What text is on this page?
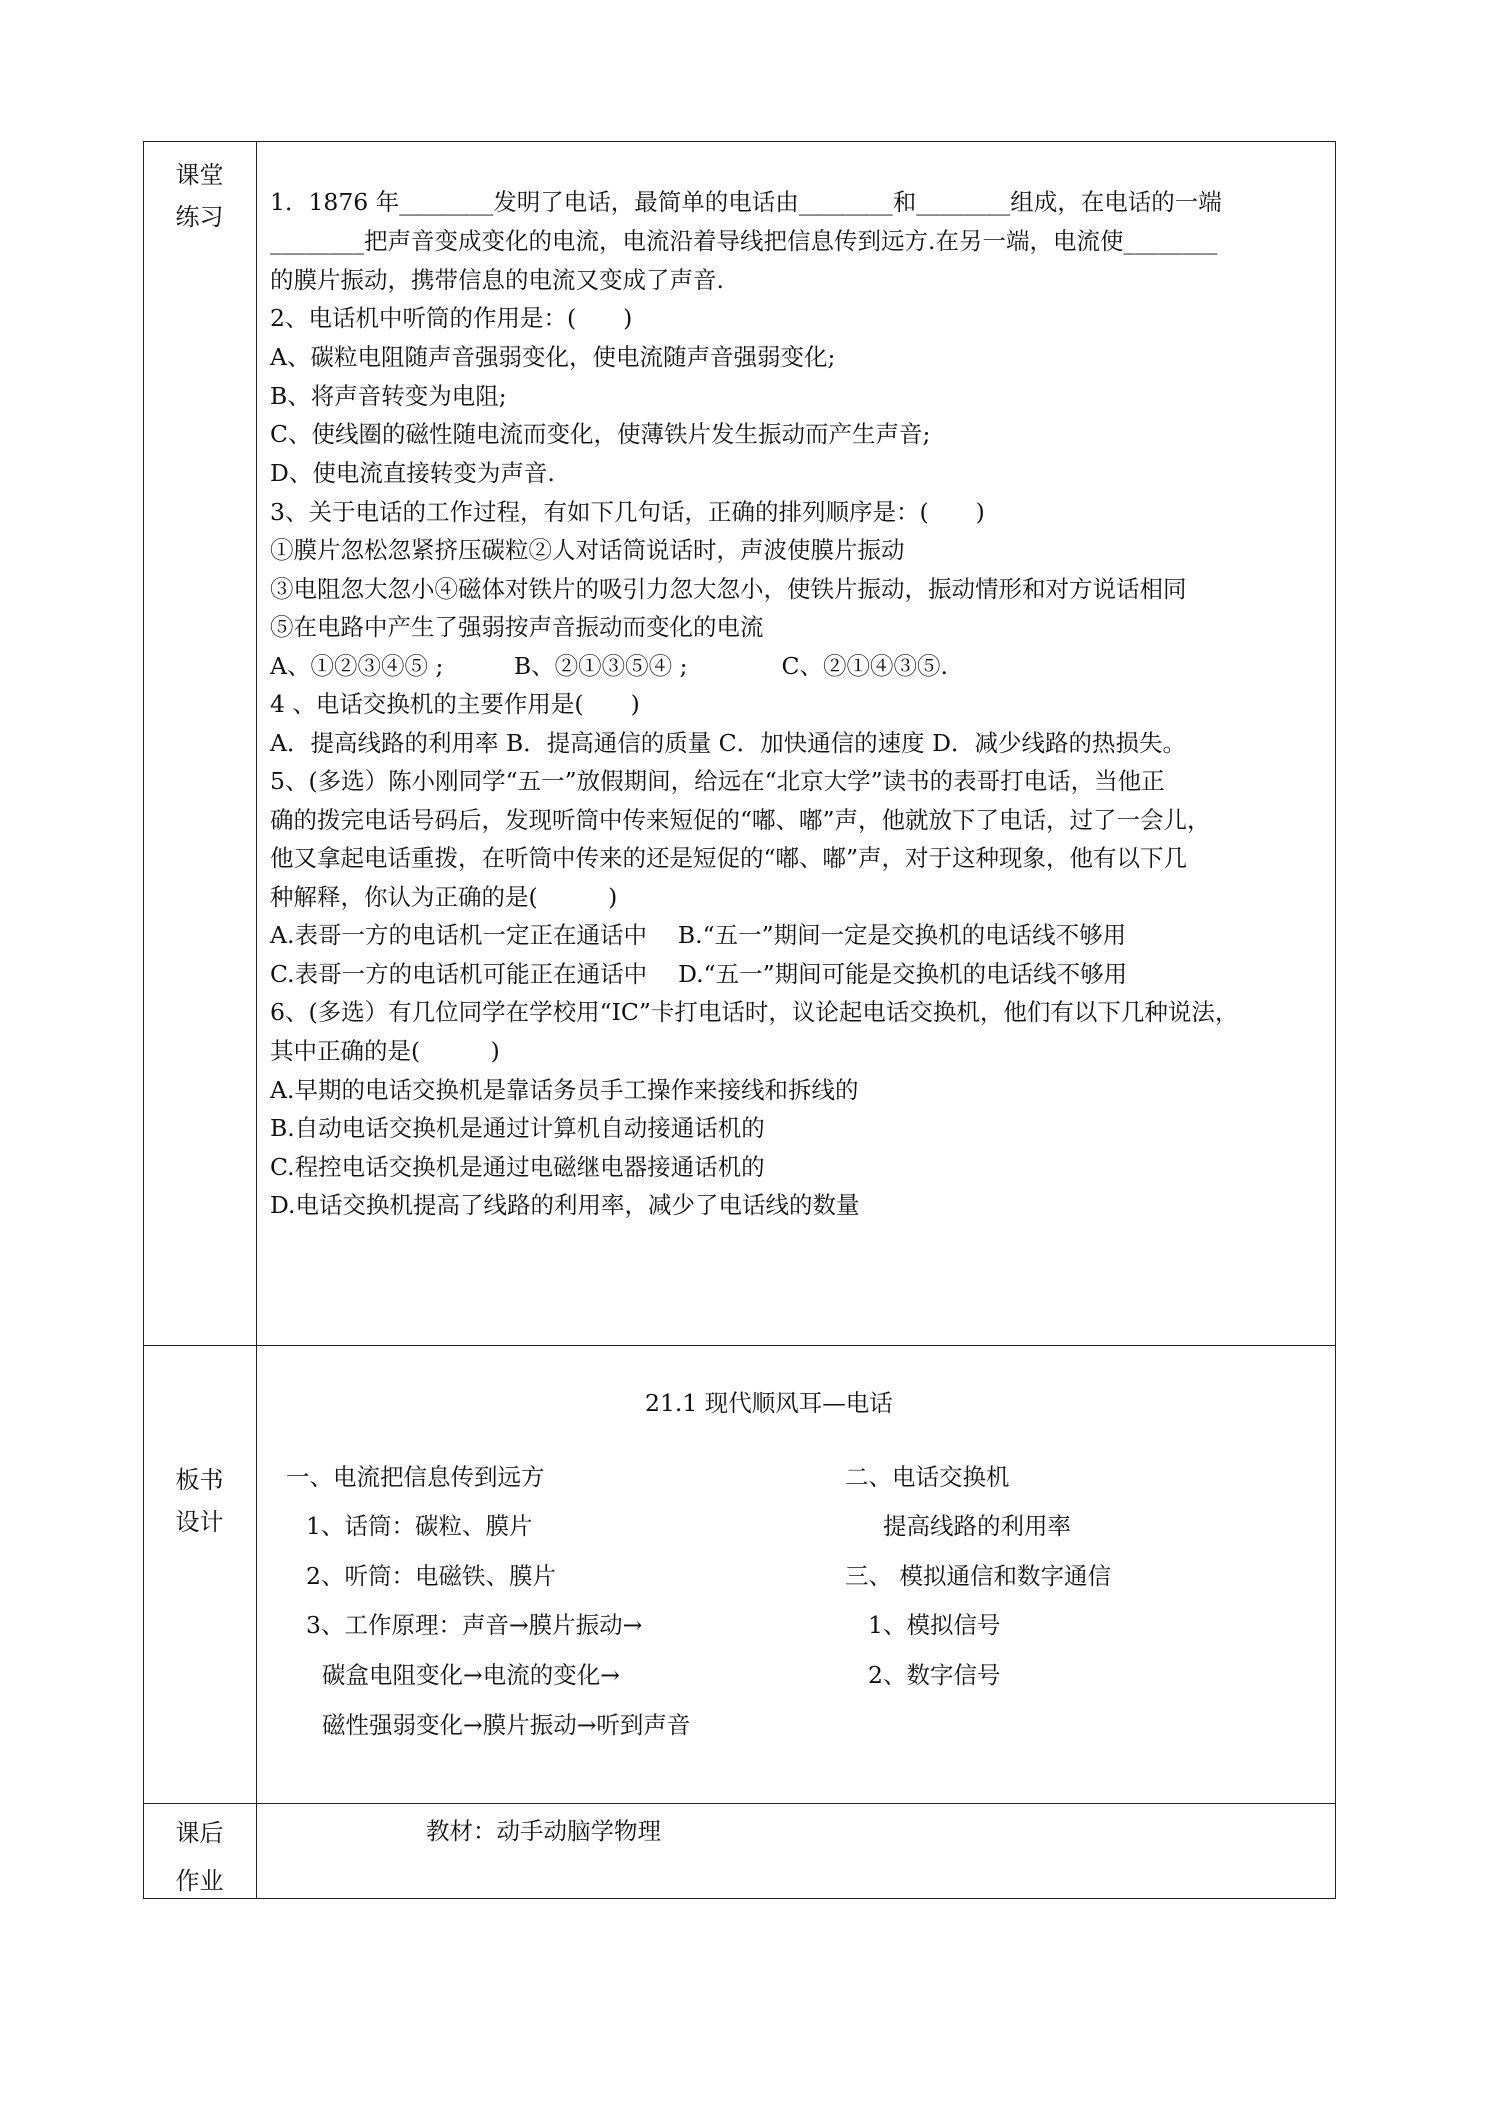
课堂
练习
板书
设计
课后
作业
1．1876 年________发明了电话，最简单的电话由________和________组成，在电话的一端
________把声音变成变化的电流，电流沿着导线把信息传到远方.在另一端，电流使________
的膜片振动，携带信息的电流又变成了声音.
2、电话机中听筒的作用是：(　　)
A、碳粒电阻随声音强弱变化，使电流随声音强弱变化;
B、将声音转变为电阻;
C、使线圈的磁性随电流而变化，使薄铁片发生振动而产生声音;
D、使电流直接转变为声音.
3、关于电话的工作过程，有如下几句话，正确的排列顺序是：(　　)
①膜片忽松忽紧挤压碳粒②人对话筒说话时，声波使膜片振动
③电阻忽大忽小④磁体对铁片的吸引力忽大忽小，使铁片振动，振动情形和对方说话相同
⑤在电路中产生了强弱按声音振动而变化的电流
A、①②③④⑤ ;　　　B、②①③⑤④ ;　　　　C、②①④③⑤.
4 、电话交换机的主要作用是(　　)
A．提高线路的利用率 B．提高通信的质量 C．加快通信的速度 D．减少线路的热损失。
5、(多选）陈小刚同学“五一”放假期间，给远在“北京大学”读书的表哥打电话，当他正
确的拨完电话号码后，发现听筒中传来短促的“嘟、嘟”声，他就放下了电话，过了一会儿，
他又拿起电话重拨，在听筒中传来的还是短促的“嘟、嘟”声，对于这种现象，他有以下几
种解释，你认为正确的是(　　　)
A.表哥一方的电话机一定正在通话中　 B.“五一”期间一定是交换机的电话线不够用
C.表哥一方的电话机可能正在通话中　 D.“五一”期间可能是交换机的电话线不够用
6、(多选）有几位同学在学校用“IC”卡打电话时，议论起电话交换机，他们有以下几种说法，
其中正确的是(　　　)
A.早期的电话交换机是靠话务员手工操作来接线和拆线的
B.自动电话交换机是通过计算机自动接通话机的
C.程控电话交换机是通过电磁继电器接通话机的
D.电话交换机提高了线路的利用率，减少了电话线的数量
21.1 现代顺风耳—电话
一、电流把信息传到远方
1、话筒：碳粒、膜片
2、听筒：电磁铁、膜片
3、工作原理：声音→膜片振动→
碳盒电阻变化→电流的变化→
磁性强弱变化→膜片振动→听到声音
二、电话交换机
提高线路的利用率
三、 模拟通信和数字通信
1、模拟信号
2、数字信号
教材：动手动脑学物理
